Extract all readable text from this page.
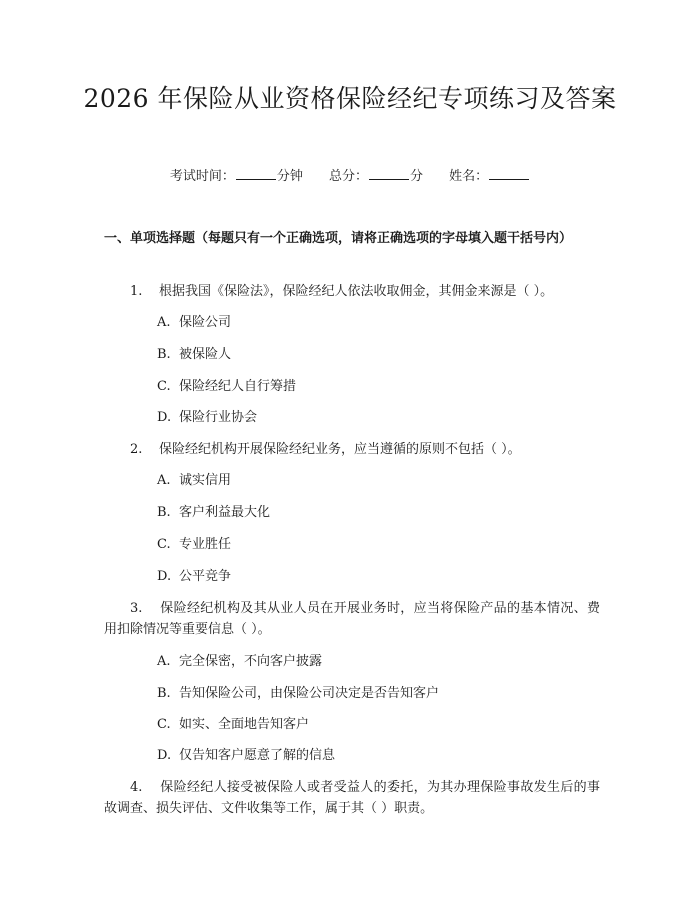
2026 年保险从业资格保险经纪专项练习及答案
考试时间：	分钟 总分：	分 姓名：
一、单项选择题（每题只有一个正确选项，请将正确选项的字母填入题干括号内）
1. 根据我国《保险法》，保险经纪人依法收取佣金，其佣金来源是（ ）。
A. 保险公司
B. 被保险人
C. 保险经纪人自行筹措
D. 保险行业协会
2. 保险经纪机构开展保险经纪业务，应当遵循的原则不包括（ ）。
A. 诚实信用
B. 客户利益最大化
C. 专业胜任
D. 公平竞争
3. 保险经纪机构及其从业人员在开展业务时，应当将保险产品的基本情况、费用扣除情况等重要信息（ ）。
A. 完全保密，不向客户披露
B. 告知保险公司，由保险公司决定是否告知客户
C. 如实、全面地告知客户
D. 仅告知客户愿意了解的信息
4. 保险经纪人接受被保险人或者受益人的委托，为其办理保险事故发生后的事故调查、损失评估、文件收集等工作，属于其（ ）职责。
